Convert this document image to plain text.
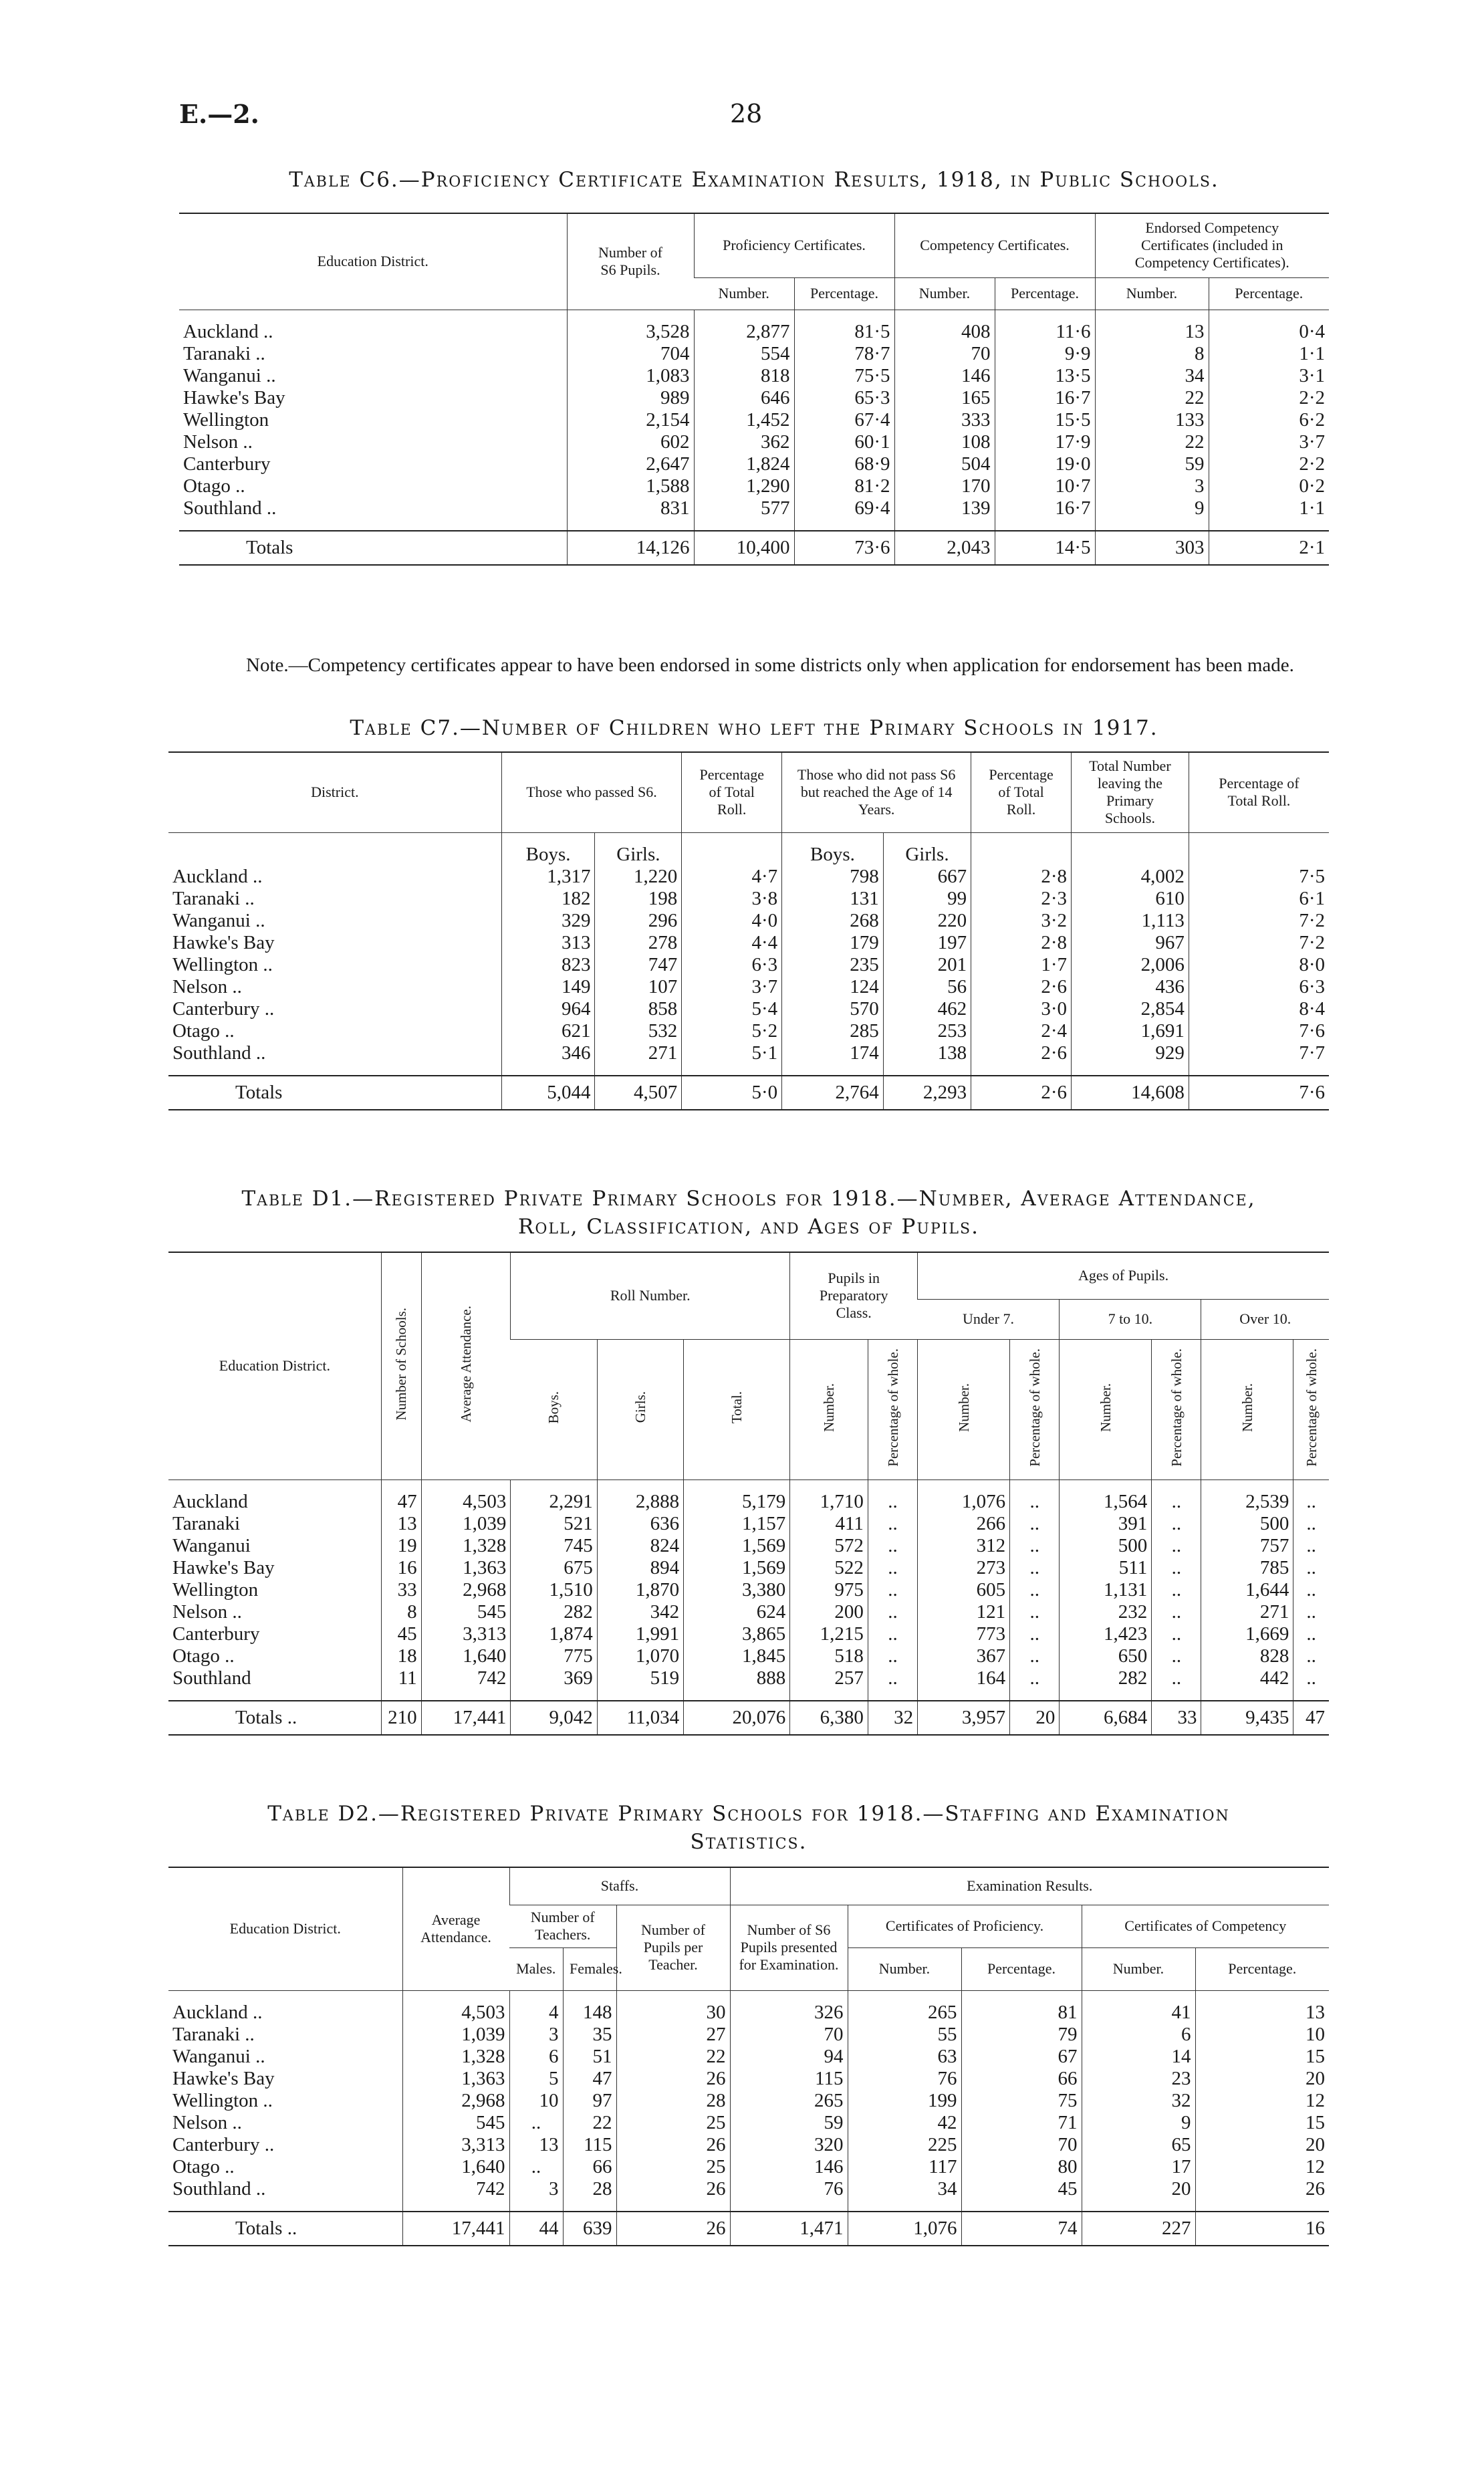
E.—2.	28
Table C6.—Proficiency Certificate Examination Results, 1918, in Public Schools.
Education District.	Number of S6 Pupils.	Proficiency Certificates.		Competency Certificates.		Endorsed Competency Certificates (included in Competency Certificates).	

		Number.	Percentage.	Number.	Percentage.	Number.	Percentage.

Auckland ..	3,528	2,877	81·5	408	11·6	13	0·4
Taranaki ..	704	554	78·7	70	9·9	8	1·1
Wanganui ..	1,083	818	75·5	146	13·5	34	3·1
Hawke's Bay	989	646	65·3	165	16·7	22	2·2
Wellington	2,154	1,452	67·4	333	15·5	133	6·2
Nelson ..	602	362	60·1	108	17·9	22	3·7
Canterbury	2,647	1,824	68·9	504	19·0	59	2·2
Otago ..	1,588	1,290	81·2	170	10·7	3	0·2
Southland ..	831	577	69·4	139	16·7	9	1·1

Totals	14,126	10,400	73·6	2,043	14·5	303	2·1
Note.—Competency certificates appear to have been endorsed in some districts only when application for endorsement has been made.
Table C7.—Number of Children who left the Primary Schools in 1917.
District.	Those who passed S6.		Percentage of Total Roll.	Those who did not pass S6 but reached the Age of 14 Years.		Percentage of Total Roll.	Total Number leaving the Primary Schools.	Percentage of Total Roll.

	Boys.	Girls.		Boys.	Girls.			
Auckland ..	1,317	1,220	4·7	798	667	2·8	4,002	7·5
Taranaki ..	182	198	3·8	131	99	2·3	610	6·1
Wanganui ..	329	296	4·0	268	220	3·2	1,113	7·2
Hawke's Bay	313	278	4·4	179	197	2·8	967	7·2
Wellington ..	823	747	6·3	235	201	1·7	2,006	8·0
Nelson ..	149	107	3·7	124	56	2·6	436	6·3
Canterbury ..	964	858	5·4	570	462	3·0	2,854	8·4
Otago ..	621	532	5·2	285	253	2·4	1,691	7·6
Southland ..	346	271	5·1	174	138	2·6	929	7·7

Totals	5,044	4,507	5·0	2,764	2,293	2·6	14,608	7·6
Table D1.—Registered Private Primary Schools for 1918.—Number, Average Attendance,
Roll, Classification, and Ages of Pupils.
Education District.	Number of Schools.	Average Attendance.	Roll Number.			Pupils in Preparatory Class.		Ages of Pupils.					
								Under 7.		7 to 10.		Over 10.	
			Boys.	Girls.	Total.	Number.	Percentage of whole.	Number.	Percentage of whole.	Number.	Percentage of whole.	Number.	Percentage of whole.

Auckland	47	4,503	2,291	2,888	5,179	1,710	..	1,076	..	1,564	..	2,539	..
Taranaki	13	1,039	521	636	1,157	411	..	266	..	391	..	500	..
Wanganui	19	1,328	745	824	1,569	572	..	312	..	500	..	757	..
Hawke's Bay	16	1,363	675	894	1,569	522	..	273	..	511	..	785	..
Wellington	33	2,968	1,510	1,870	3,380	975	..	605	..	1,131	..	1,644	..
Nelson ..	8	545	282	342	624	200	..	121	..	232	..	271	..
Canterbury	45	3,313	1,874	1,991	3,865	1,215	..	773	..	1,423	..	1,669	..
Otago ..	18	1,640	775	1,070	1,845	518	..	367	..	650	..	828	..
Southland	11	742	369	519	888	257	..	164	..	282	..	442	..

Totals ..	210	17,441	9,042	11,034	20,076	6,380	32	3,957	20	6,684	33	9,435	47
Table D2.—Registered Private Primary Schools for 1918.—Staffing and Examination
Statistics.
Education District.	Average Attendance.	Staffs.			Examination Results.				

		Number of Teachers.		Number of Pupils per Teacher.	Number of S6 Pupils presented for Examination.	Certificates of Proficiency.		Certificates of Competency	
		Males.	Females.			Number.	Percentage.	Number.	Percentage.

Auckland ..	4,503	4	148	30	326	265	81	41	13
Taranaki ..	1,039	3	35	27	70	55	79	6	10
Wanganui ..	1,328	6	51	22	94	63	67	14	15
Hawke's Bay	1,363	5	47	26	115	76	66	23	20
Wellington ..	2,968	10	97	28	265	199	75	32	12
Nelson ..	545	..	22	25	59	42	71	9	15
Canterbury ..	3,313	13	115	26	320	225	70	65	20
Otago ..	1,640	..	66	25	146	117	80	17	12
Southland ..	742	3	28	26	76	34	45	20	26

Totals ..	17,441	44	639	26	1,471	1,076	74	227	16
